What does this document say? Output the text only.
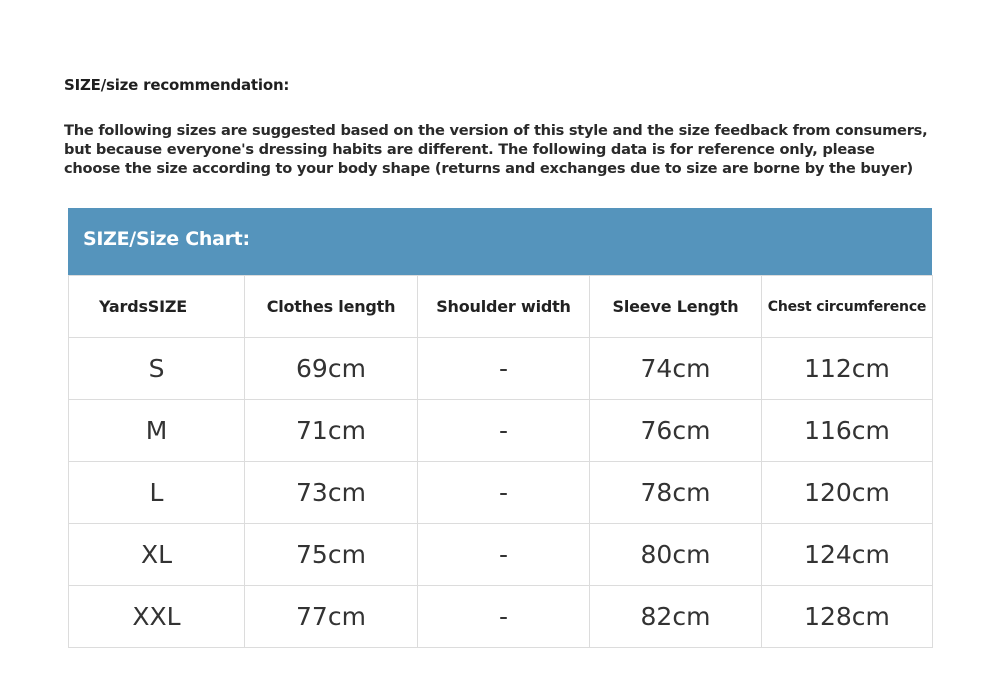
SIZE/size recommendation:
The following sizes are suggested based on the version of this style and the size feedback from consumers,
but because everyone's dressing habits are different. The following data is for reference only, please
choose the size according to your body shape (returns and exchanges due to size are borne by the buyer)
SIZE/Size Chart:
YardsSIZE	Clothes length	Shoulder width	Sleeve Length	Chest circumference
S	69cm	-	74cm	112cm
M	71cm	-	76cm	116cm
L	73cm	-	78cm	120cm
XL	75cm	-	80cm	124cm
XXL	77cm	-	82cm	128cm
